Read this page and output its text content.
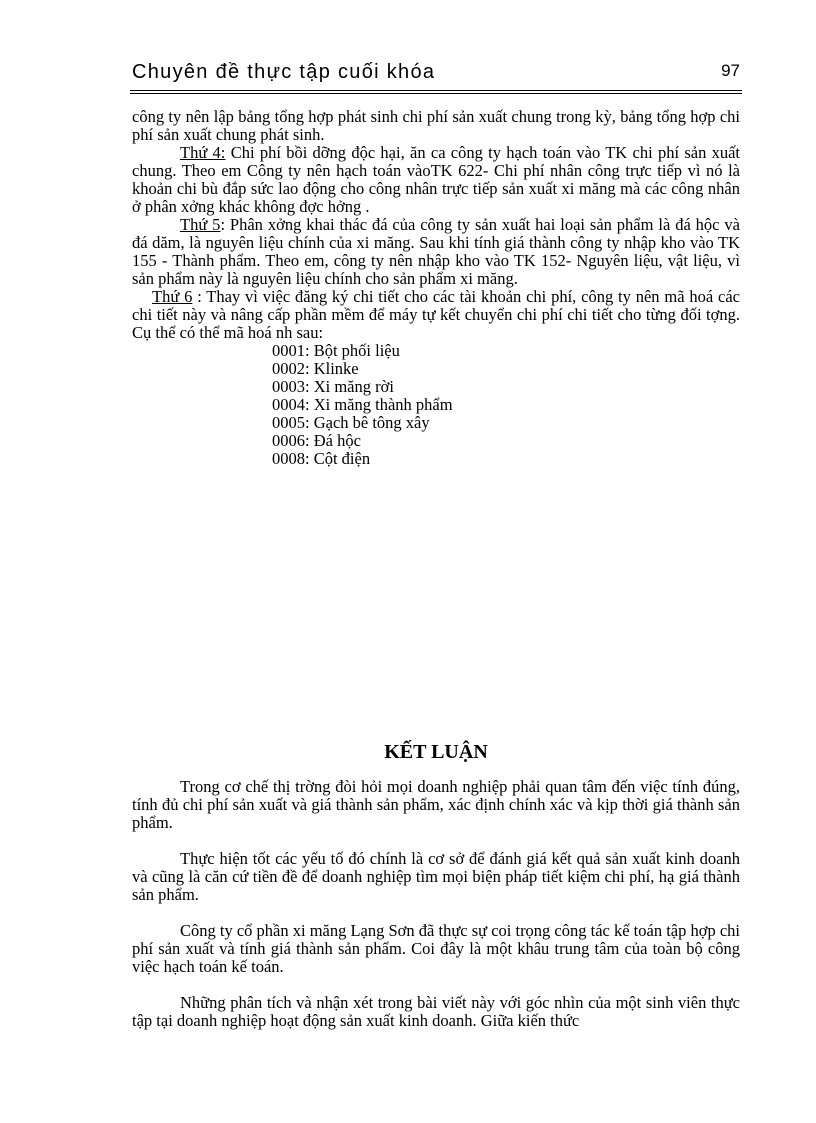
Chuyên đề thực tập cuối khóa	97

công ty nên lập bảng tổng hợp phát sinh chi phí sản xuất chung trong kỳ, bảng tổng hợp chi phí sản xuất chung phát sinh.

Thứ 4: Chi phí bồi dỡng độc hại, ăn ca công ty hạch toán vào TK chi phí sản xuất chung. Theo em Công ty nên hạch toán vàoTK 622- Chi phí nhân công trực tiếp vì nó là khoản chi bù đắp sức lao động cho công nhân trực tiếp sản xuất xi măng mà các công nhân ở phân xởng khác không đợc hởng .

Thứ 5: Phân xởng khai thác đá của công ty sản xuất hai loại sản phẩm là đá hộc và đá dăm, là nguyên liệu chính của xi măng. Sau khi tính giá thành công ty nhập kho vào TK 155 - Thành phẩm. Theo em, công ty nên nhập kho vào TK 152- Nguyên liệu, vật liệu, vì sản phẩm này là nguyên liệu chính cho sản phẩm xi măng.

Thứ 6 : Thay vì việc đăng ký chi tiết cho các tài khoản chi phí, công ty nên mã hoá các chi tiết này và nâng cấp phần mềm để máy tự kết chuyển chi phí chi tiết cho từng đối tợng. Cụ thể có thể mã hoá nh sau:

0001: Bột phối liệu
0002: Klinke
0003: Xi măng rời
0004: Xi măng thành phẩm
0005: Gạch bê tông xây
0006: Đá hộc
0008: Cột điện
KẾT LUẬN

Trong cơ chế thị trờng đòi hỏi mọi doanh nghiệp phải quan tâm đến việc tính đúng, tính đủ chi phí sản xuất và giá thành sản phẩm, xác định chính xác và kịp thời giá thành sản phẩm.

Thực hiện tốt các yếu tố đó chính là cơ sở để đánh giá kết quả sản xuất kinh doanh và cũng là căn cứ tiền đề để doanh nghiệp tìm mọi biện pháp tiết kiệm chi phí, hạ giá thành sản phẩm.

Công ty cổ phần xi măng Lạng Sơn đã thực sự coi trọng công tác kế toán tập hợp chi phí sản xuất và tính giá thành sản phẩm. Coi đây là một khâu trung tâm của toàn bộ công việc hạch toán kế toán.

Những phân tích và nhận xét trong bài viết này với góc nhìn của một sinh viên thực tập tại doanh nghiệp hoạt động sản xuất kinh doanh. Giữa kiến thức
